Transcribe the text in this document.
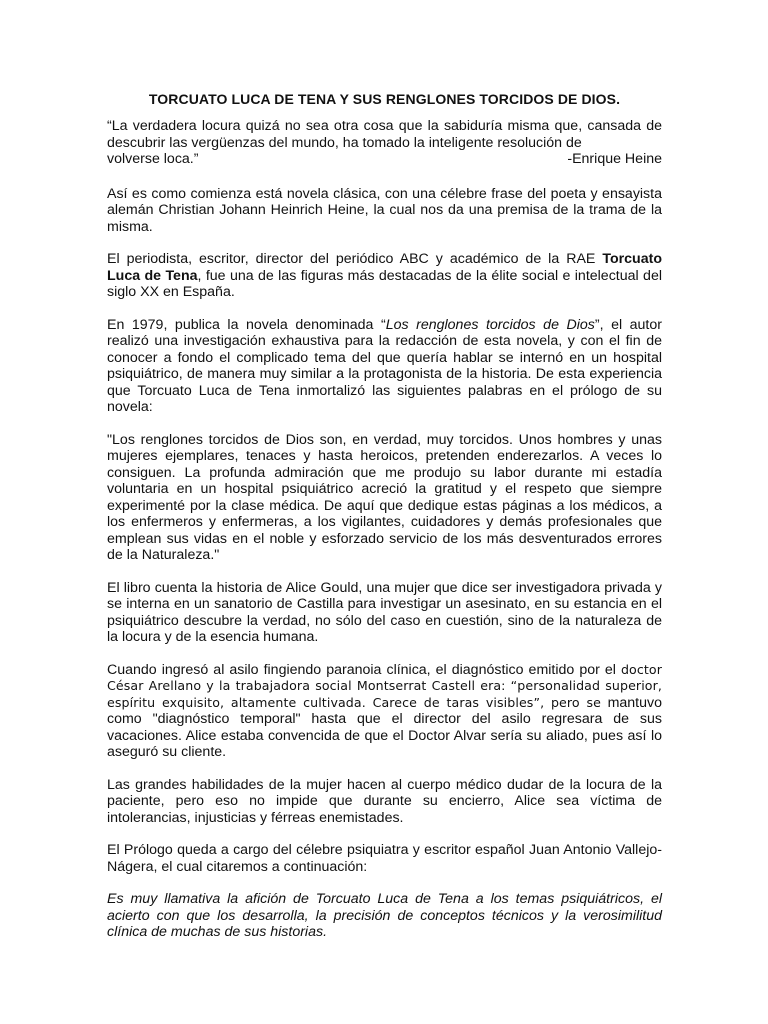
TORCUATO LUCA DE TENA Y SUS RENGLONES TORCIDOS DE DIOS.
“La verdadera locura quizá no sea otra cosa que la sabiduría misma que, cansada de descubrir las vergüenzas del mundo, ha tomado la inteligente resolución de
volverse loca.”	-Enrique Heine

Así es como comienza está novela clásica, con una célebre frase del poeta y ensayista alemán Christian Johann Heinrich Heine, la cual nos da una premisa de la trama de la misma.

El periodista, escritor, director del periódico ABC y académico de la RAE Torcuato Luca de Tena, fue una de las figuras más destacadas de la élite social e intelectual del siglo XX en España.

En 1979, publica la novela denominada “Los renglones torcidos de Dios”, el autor realizó una investigación exhaustiva para la redacción de esta novela, y con el fin de conocer a fondo el complicado tema del que quería hablar se internó en un hospital psiquiátrico, de manera muy similar a la protagonista de la historia. De esta experiencia que Torcuato Luca de Tena inmortalizó las siguientes palabras en el prólogo de su novela:

"Los renglones torcidos de Dios son, en verdad, muy torcidos. Unos hombres y unas mujeres ejemplares, tenaces y hasta heroicos, pretenden enderezarlos. A veces lo consiguen. La profunda admiración que me produjo su labor durante mi estadía voluntaria en un hospital psiquiátrico acreció la gratitud y el respeto que siempre experimenté por la clase médica. De aquí que dedique estas páginas a los médicos, a los enfermeros y enfermeras, a los vigilantes, cuidadores y demás profesionales que emplean sus vidas en el noble y esforzado servicio de los más desventurados errores de la Naturaleza."

El libro cuenta la historia de Alice Gould, una mujer que dice ser investigadora privada y se interna en un sanatorio de Castilla para investigar un asesinato, en su estancia en el psiquiátrico descubre la verdad, no sólo del caso en cuestión, sino de la naturaleza de la locura y de la esencia humana.

Cuando ingresó al asilo fingiendo paranoia clínica, el diagnóstico emitido por el doctor César Arellano y la trabajadora social Montserrat Castell era: “personalidad superior, espíritu exquisito, altamente cultivada. Carece de taras visibles”, pero se mantuvo como "diagnóstico temporal" hasta que el director del asilo regresara de sus vacaciones. Alice estaba convencida de que el Doctor Alvar sería su aliado, pues así lo aseguró su cliente.

Las grandes habilidades de la mujer hacen al cuerpo médico dudar de la locura de la paciente, pero eso no impide que durante su encierro, Alice sea víctima de intolerancias, injusticias y férreas enemistades.

El Prólogo queda a cargo del célebre psiquiatra y escritor español Juan Antonio Vallejo-Nágera, el cual citaremos a continuación:

Es muy llamativa la afición de Torcuato Luca de Tena a los temas psiquiátricos, el acierto con que los desarrolla, la precisión de conceptos técnicos y la verosimilitud clínica de muchas de sus historias.
